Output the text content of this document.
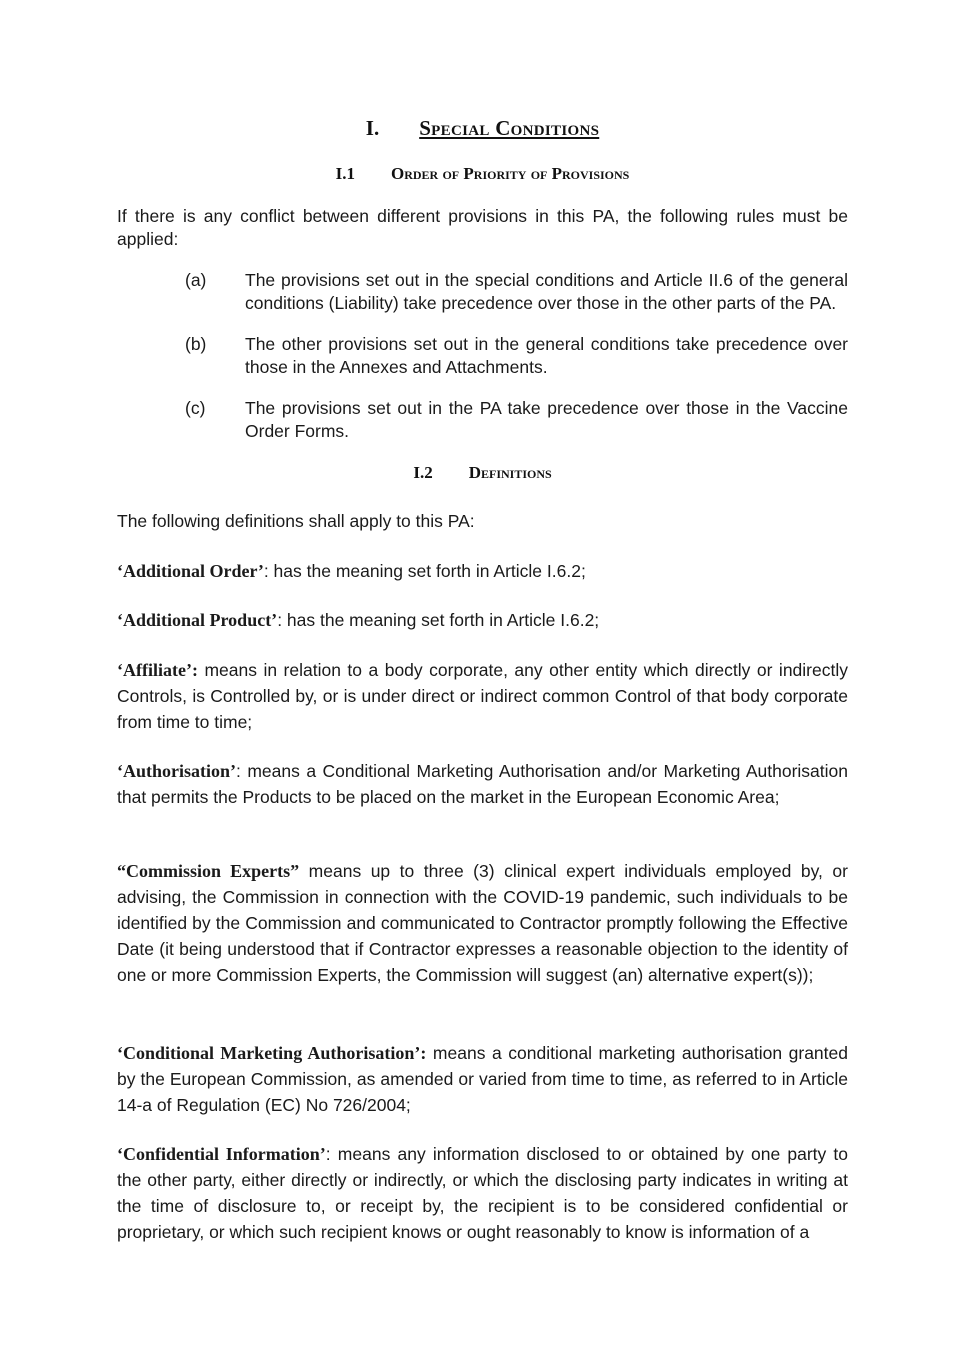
I. Special Conditions
I.1 Order of Priority of Provisions

If there is any conflict between different provisions in this PA, the following rules must be applied:

(a) The provisions set out in the special conditions and Article II.6 of the general conditions (Liability) take precedence over those in the other parts of the PA.
(b) The other provisions set out in the general conditions take precedence over those in the Annexes and Attachments.
(c) The provisions set out in the PA take precedence over those in the Vaccine Order Forms.
I.2 Definitions

The following definitions shall apply to this PA:

‘Additional Order’: has the meaning set forth in Article I.6.2;

‘Additional Product’: has the meaning set forth in Article I.6.2;

‘Affiliate’: means in relation to a body corporate, any other entity which directly or indirectly Controls, is Controlled by, or is under direct or indirect common Control of that body corporate from time to time;

‘Authorisation’: means a Conditional Marketing Authorisation and/or Marketing Authorisation that permits the Products to be placed on the market in the European Economic Area;

“Commission Experts” means up to three (3) clinical expert individuals employed by, or advising, the Commission in connection with the COVID-19 pandemic, such individuals to be identified by the Commission and communicated to Contractor promptly following the Effective Date (it being understood that if Contractor expresses a reasonable objection to the identity of one or more Commission Experts, the Commission will suggest (an) alternative expert(s));

‘Conditional Marketing Authorisation’: means a conditional marketing authorisation granted by the European Commission, as amended or varied from time to time, as referred to in Article 14-a of Regulation (EC) No 726/2004;

‘Confidential Information’: means any information disclosed to or obtained by one party to the other party, either directly or indirectly, or which the disclosing party indicates in writing at the time of disclosure to, or receipt by, the recipient is to be considered confidential or proprietary, or which such recipient knows or ought reasonably to know is information of a
